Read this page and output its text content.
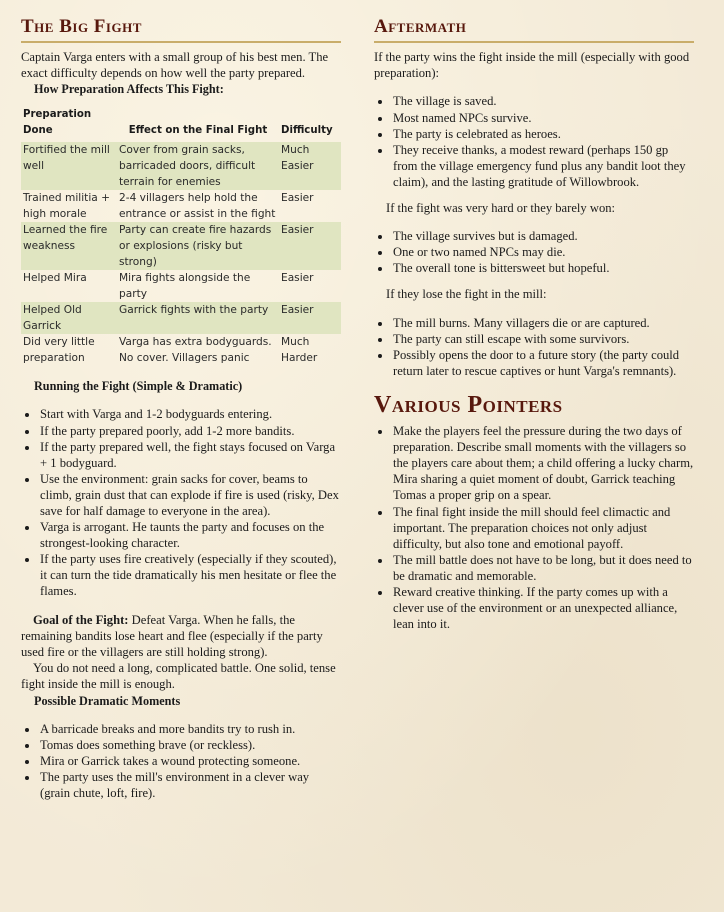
The Big Fight

Captain Varga enters with a small group of his best men. The exact difficulty depends on how well the party prepared.

How Preparation Affects This Fight:
Preparation Done	Effect on the Final Fight	Difficulty
Fortified the mill well	Cover from grain sacks, barricaded doors, difficult terrain for enemies	Much Easier
Trained militia + high morale	2-4 villagers help hold the entrance or assist in the fight	Easier
Learned the fire weakness	Party can create fire hazards or explosions (risky but strong)	Easier
Helped Mira	Mira fights alongside the party	Easier
Helped Old Garrick	Garrick fights with the party	Easier
Did very little preparation	Varga has extra bodyguards. No cover. Villagers panic	Much Harder
Running the Fight (Simple & Dramatic)
• Start with Varga and 1-2 bodyguards entering.
• If the party prepared poorly, add 1-2 more bandits.
• If the party prepared well, the fight stays focused on Varga + 1 bodyguard.
• Use the environment: grain sacks for cover, beams to climb, grain dust that can explode if fire is used (risky, Dex save for half damage to everyone in the area).
• Varga is arrogant. He taunts the party and focuses on the strongest-looking character.
• If the party uses fire creatively (especially if they scouted), it can turn the tide dramatically his men hesitate or flee the flames.

Goal of the Fight: Defeat Varga. When he falls, the remaining bandits lose heart and flee (especially if the party used fire or the villagers are still holding strong).

You do not need a long, complicated battle. One solid, tense fight inside the mill is enough.

Possible Dramatic Moments
• A barricade breaks and more bandits try to rush in.
• Tomas does something brave (or reckless).
• Mira or Garrick takes a wound protecting someone.
• The party uses the mill's environment in a clever way (grain chute, loft, fire).
Aftermath

If the party wins the fight inside the mill (especially with good preparation):

• The village is saved.
• Most named NPCs survive.
• The party is celebrated as heroes.
• They receive thanks, a modest reward (perhaps 150 gp from the village emergency fund plus any bandit loot they claim), and the lasting gratitude of Willowbrook.

If the fight was very hard or they barely won:

• The village survives but is damaged.
• One or two named NPCs may die.
• The overall tone is bittersweet but hopeful.

If they lose the fight in the mill:

• The mill burns. Many villagers die or are captured.
• The party can still escape with some survivors.
• Possibly opens the door to a future story (the party could return later to rescue captives or hunt Varga's remnants).
Various Pointers
• Make the players feel the pressure during the two days of preparation. Describe small moments with the villagers so the players care about them; a child offering a lucky charm, Mira sharing a quiet moment of doubt, Garrick teaching Tomas a proper grip on a spear.
• The final fight inside the mill should feel climactic and important. The preparation choices not only adjust difficulty, but also tone and emotional payoff.
• The mill battle does not have to be long, but it does need to be dramatic and memorable.
• Reward creative thinking. If the party comes up with a clever use of the environment or an unexpected alliance, lean into it.
